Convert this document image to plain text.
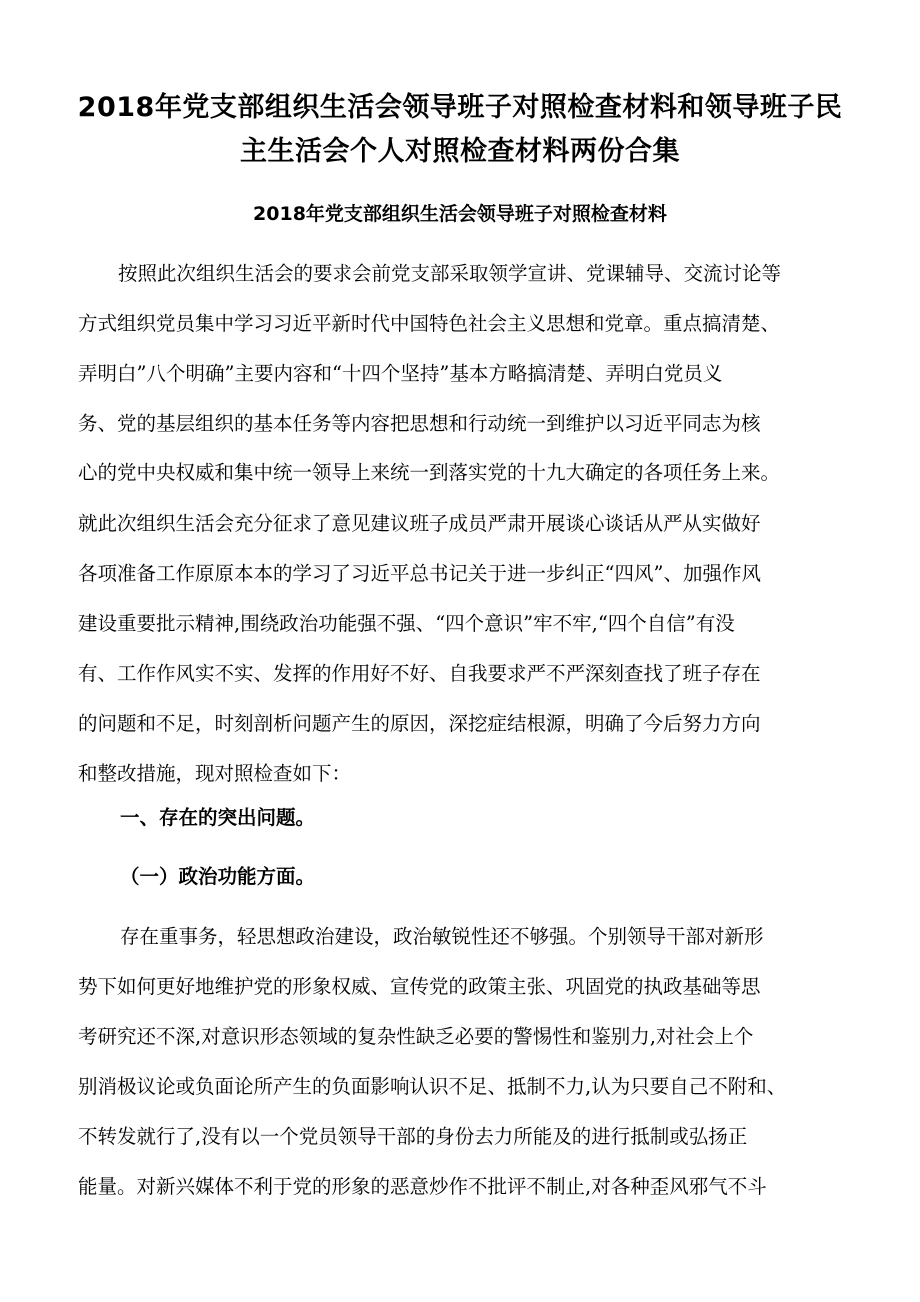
2018年党支部组织生活会领导班子对照检查材料和领导班子民
主生活会个人对照检查材料两份合集
2018年党支部组织生活会领导班子对照检查材料

按照此次组织生活会的要求会前党支部采取领学宣讲、党课辅导、交流讨论等

方式组织党员集中学习习近平新时代中国特色社会主义思想和党章。重点搞清楚、

弄明白”八个明确”主要内容和“十四个坚持”基本方略搞清楚、弄明白党员义

务、党的基层组织的基本任务等内容把思想和行动统一到维护以习近平同志为核

心的党中央权威和集中统一领导上来统一到落实党的十九大确定的各项任务上来。

就此次组织生活会充分征求了意见建议班子成员严肃开展谈心谈话从严从实做好

各项准备工作原原本本的学习了习近平总书记关于进一步纠正“四风”、加强作风

建设重要批示精神,围绕政治功能强不强、“四个意识”牢不牢,“四个自信”有没

有、工作作风实不实、发挥的作用好不好、自我要求严不严深刻查找了班子存在

的问题和不足，时刻剖析问题产生的原因，深挖症结根源，明确了今后努力方向

和整改措施，现对照检查如下：

一、存在的突出问题。
（一）政治功能方面。

存在重事务，轻思想政治建设，政治敏锐性还不够强。个别领导干部对新形

势下如何更好地维护党的形象权威、宣传党的政策主张、巩固党的执政基础等思

考研究还不深,对意识形态领域的复杂性缺乏必要的警惕性和鉴别力,对社会上个

别消极议论或负面论所产生的负面影响认识不足、抵制不力,认为只要自己不附和、

不转发就行了,没有以一个党员领导干部的身份去力所能及的进行抵制或弘扬正

能量。对新兴媒体不利于党的形象的恶意炒作不批评不制止,对各种歪风邪气不斗
